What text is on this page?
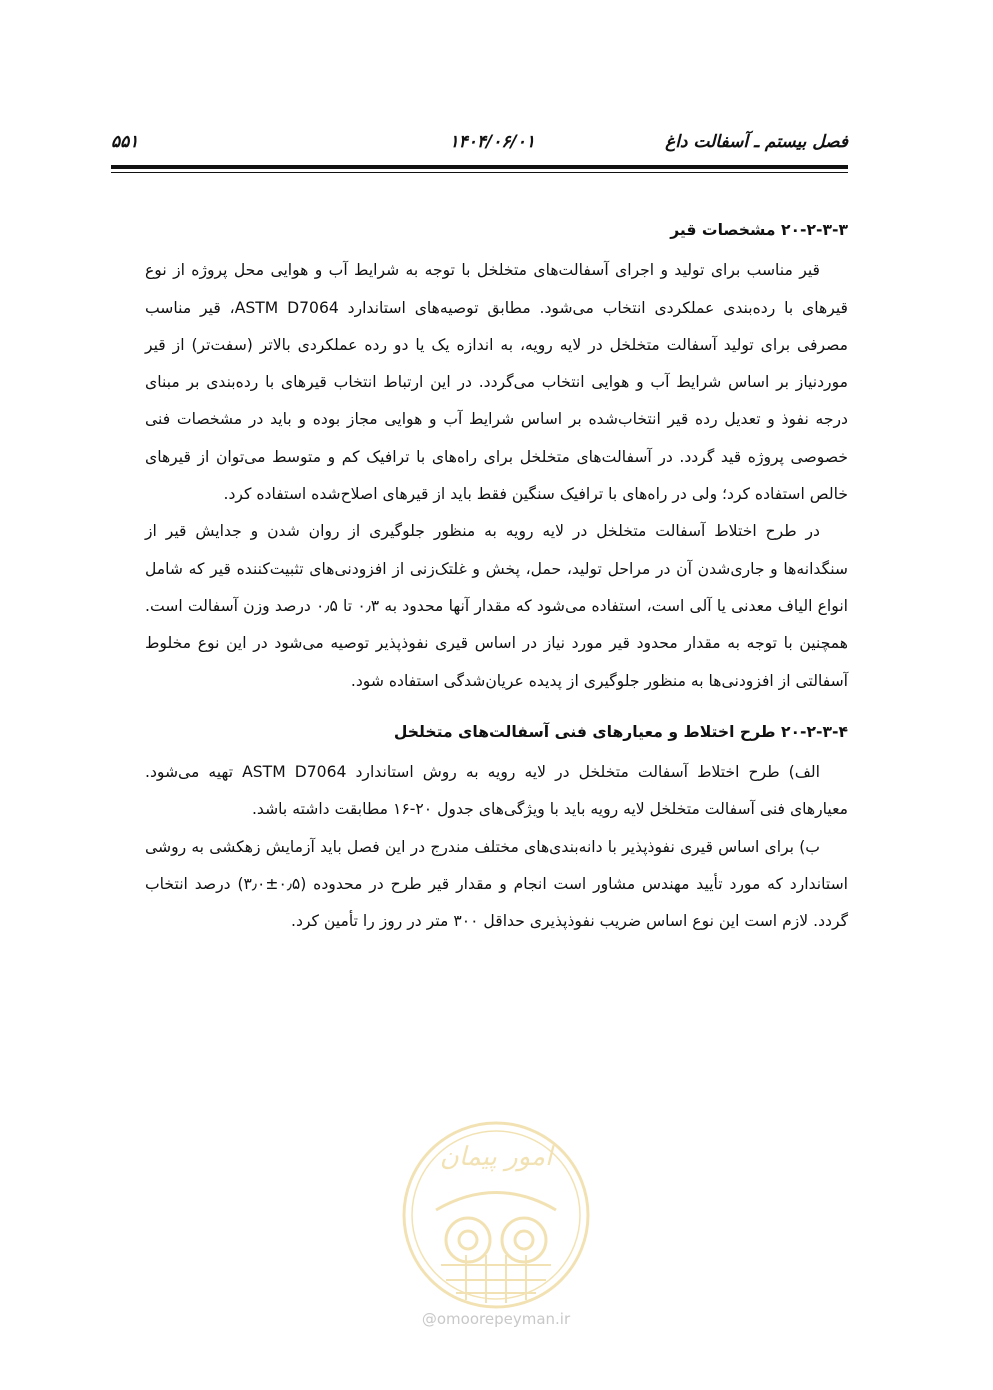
فصل بیستم ـ آسفالت داغ
۱۴۰۴/۰۶/۰۱
۵۵۱
۲۰-۲-۳-۳ مشخصات قیر

قیر مناسب برای تولید و اجرای آسفالت‌های متخلخل با توجه به شرایط آب و هوایی محل پروژه از نوع قیرهای با رده‌بندی عملکردی انتخاب می‌شود. مطابق توصیه‌های استاندارد ASTM D7064، قیر مناسب مصرفی برای تولید آسفالت متخلخل در لایه رویه، به اندازه یک یا دو رده عملکردی بالاتر (سفت‌تر) از قیر موردنیاز بر اساس شرایط آب و هوایی انتخاب می‌گردد. در این ارتباط انتخاب قیرهای با رده‌بندی بر مبنای درجه نفوذ و تعدیل رده قیر انتخاب‌شده بر اساس شرایط آب و هوایی مجاز بوده و باید در مشخصات فنی خصوصی پروژه قید گردد. در آسفالت‌های متخلخل برای راه‌های با ترافیک کم و متوسط می‌توان از قیرهای خالص استفاده کرد؛ ولی در راه‌های با ترافیک سنگین فقط باید از قیرهای اصلاح‌شده استفاده کرد.

در طرح اختلاط آسفالت متخلخل در لایه رویه به منظور جلوگیری از روان شدن و جدایش قیر از سنگدانه‌ها و جاری‌شدن آن در مراحل تولید، حمل، پخش و غلتک‌زنی از افزودنی‌های تثبیت‌کننده قیر که شامل انواع الیاف معدنی یا آلی است، استفاده می‌شود که مقدار آنها محدود به ۰٫۳ تا ۰٫۵ درصد وزن آسفالت است. همچنین با توجه به مقدار محدود قیر مورد نیاز در اساس قیری نفوذپذیر توصیه می‌شود در این نوع مخلوط آسفالتی از افزودنی‌ها به منظور جلوگیری از پدیده عریان‌شدگی استفاده شود.

۲۰-۲-۳-۴ طرح اختلاط و معیارهای فنی آسفالت‌های متخلخل

الف) طرح اختلاط آسفالت متخلخل در لایه رویه به روش استاندارد ASTM D7064 تهیه می‌شود. معیارهای فنی آسفالت متخلخل لایه رویه باید با ویژگی‌های جدول ۲۰-۱۶ مطابقت داشته باشد.

ب) برای اساس قیری نفوذپذیر با دانه‌بندی‌های مختلف مندرج در این فصل باید آزمایش زهکشی به روشی استاندارد که مورد تأیید مهندس مشاور است انجام و مقدار قیر طرح در محدوده (۰٫۵±۳٫۰) درصد انتخاب گردد. لازم است این نوع اساس ضریب نفوذپذیری حداقل ۳۰۰ متر در روز را تأمین کرد.

امور پیمان
@omoorepeyman.ir
